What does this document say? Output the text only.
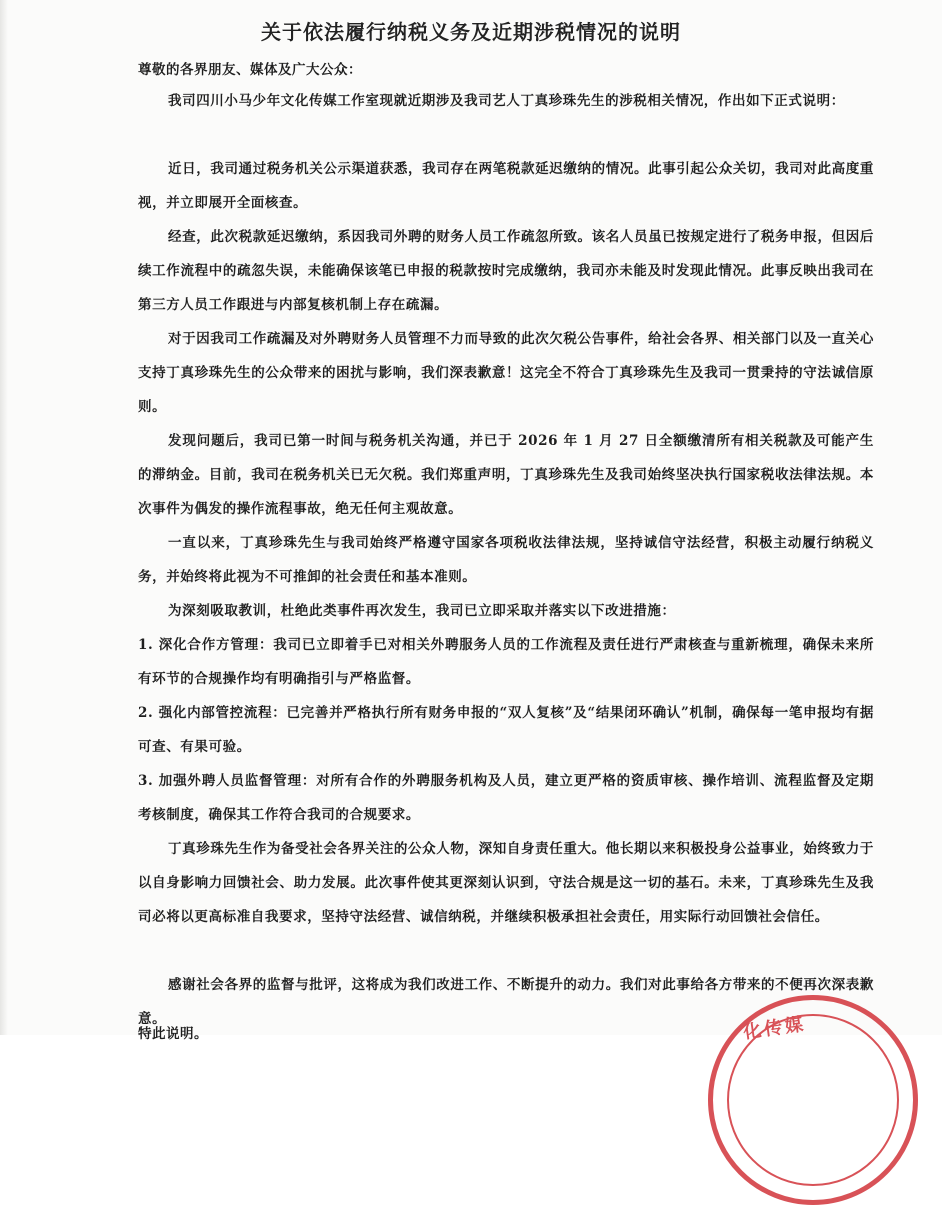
关于依法履行纳税义务及近期涉税情况的说明
尊敬的各界朋友、媒体及广大公众：

我司四川小马少年文化传媒工作室现就近期涉及我司艺人丁真珍珠先生的涉税相关情况，作出如下正式说明：

近日，我司通过税务机关公示渠道获悉，我司存在两笔税款延迟缴纳的情况。此事引起公众关切，我司对此高度重视，并立即展开全面核查。

经查，此次税款延迟缴纳，系因我司外聘的财务人员工作疏忽所致。该名人员虽已按规定进行了税务申报，但因后续工作流程中的疏忽失误，未能确保该笔已申报的税款按时完成缴纳，我司亦未能及时发现此情况。此事反映出我司在第三方人员工作跟进与内部复核机制上存在疏漏。

对于因我司工作疏漏及对外聘财务人员管理不力而导致的此次欠税公告事件，给社会各界、相关部门以及一直关心支持丁真珍珠先生的公众带来的困扰与影响，我们深表歉意！这完全不符合丁真珍珠先生及我司一贯秉持的守法诚信原则。

发现问题后，我司已第一时间与税务机关沟通，并已于 2026 年 1 月 27 日全额缴清所有相关税款及可能产生的滞纳金。目前，我司在税务机关已无欠税。我们郑重声明，丁真珍珠先生及我司始终坚决执行国家税收法律法规。本次事件为偶发的操作流程事故，绝无任何主观故意。

一直以来，丁真珍珠先生与我司始终严格遵守国家各项税收法律法规，坚持诚信守法经营，积极主动履行纳税义务，并始终将此视为不可推卸的社会责任和基本准则。

为深刻吸取教训，杜绝此类事件再次发生，我司已立即采取并落实以下改进措施：

1. 深化合作方管理：我司已立即着手已对相关外聘服务人员的工作流程及责任进行严肃核查与重新梳理，确保未来所有环节的合规操作均有明确指引与严格监督。

2. 强化内部管控流程：已完善并严格执行所有财务申报的“双人复核”及“结果闭环确认”机制，确保每一笔申报均有据可查、有果可验。

3. 加强外聘人员监督管理：对所有合作的外聘服务机构及人员，建立更严格的资质审核、操作培训、流程监督及定期考核制度，确保其工作符合我司的合规要求。

丁真珍珠先生作为备受社会各界关注的公众人物，深知自身责任重大。他长期以来积极投身公益事业，始终致力于以自身影响力回馈社会、助力发展。此次事件使其更深刻认识到，守法合规是这一切的基石。未来，丁真珍珠先生及我司必将以更高标准自我要求，坚持守法经营、诚信纳税，并继续积极承担社会责任，用实际行动回馈社会信任。

感谢社会各界的监督与批评，这将成为我们改进工作、不断提升的动力。我们对此事给各方带来的不便再次深表歉意。

特此说明。	化传媒
